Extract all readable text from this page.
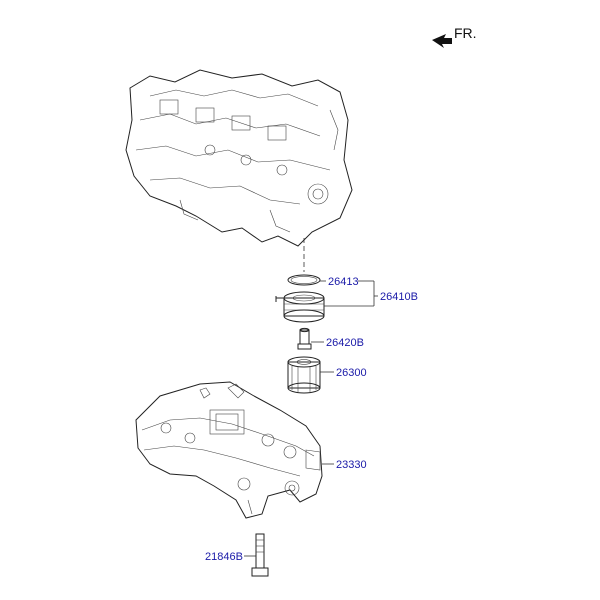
FR.
26413
26410B
26420B
26300
23330
21846B
